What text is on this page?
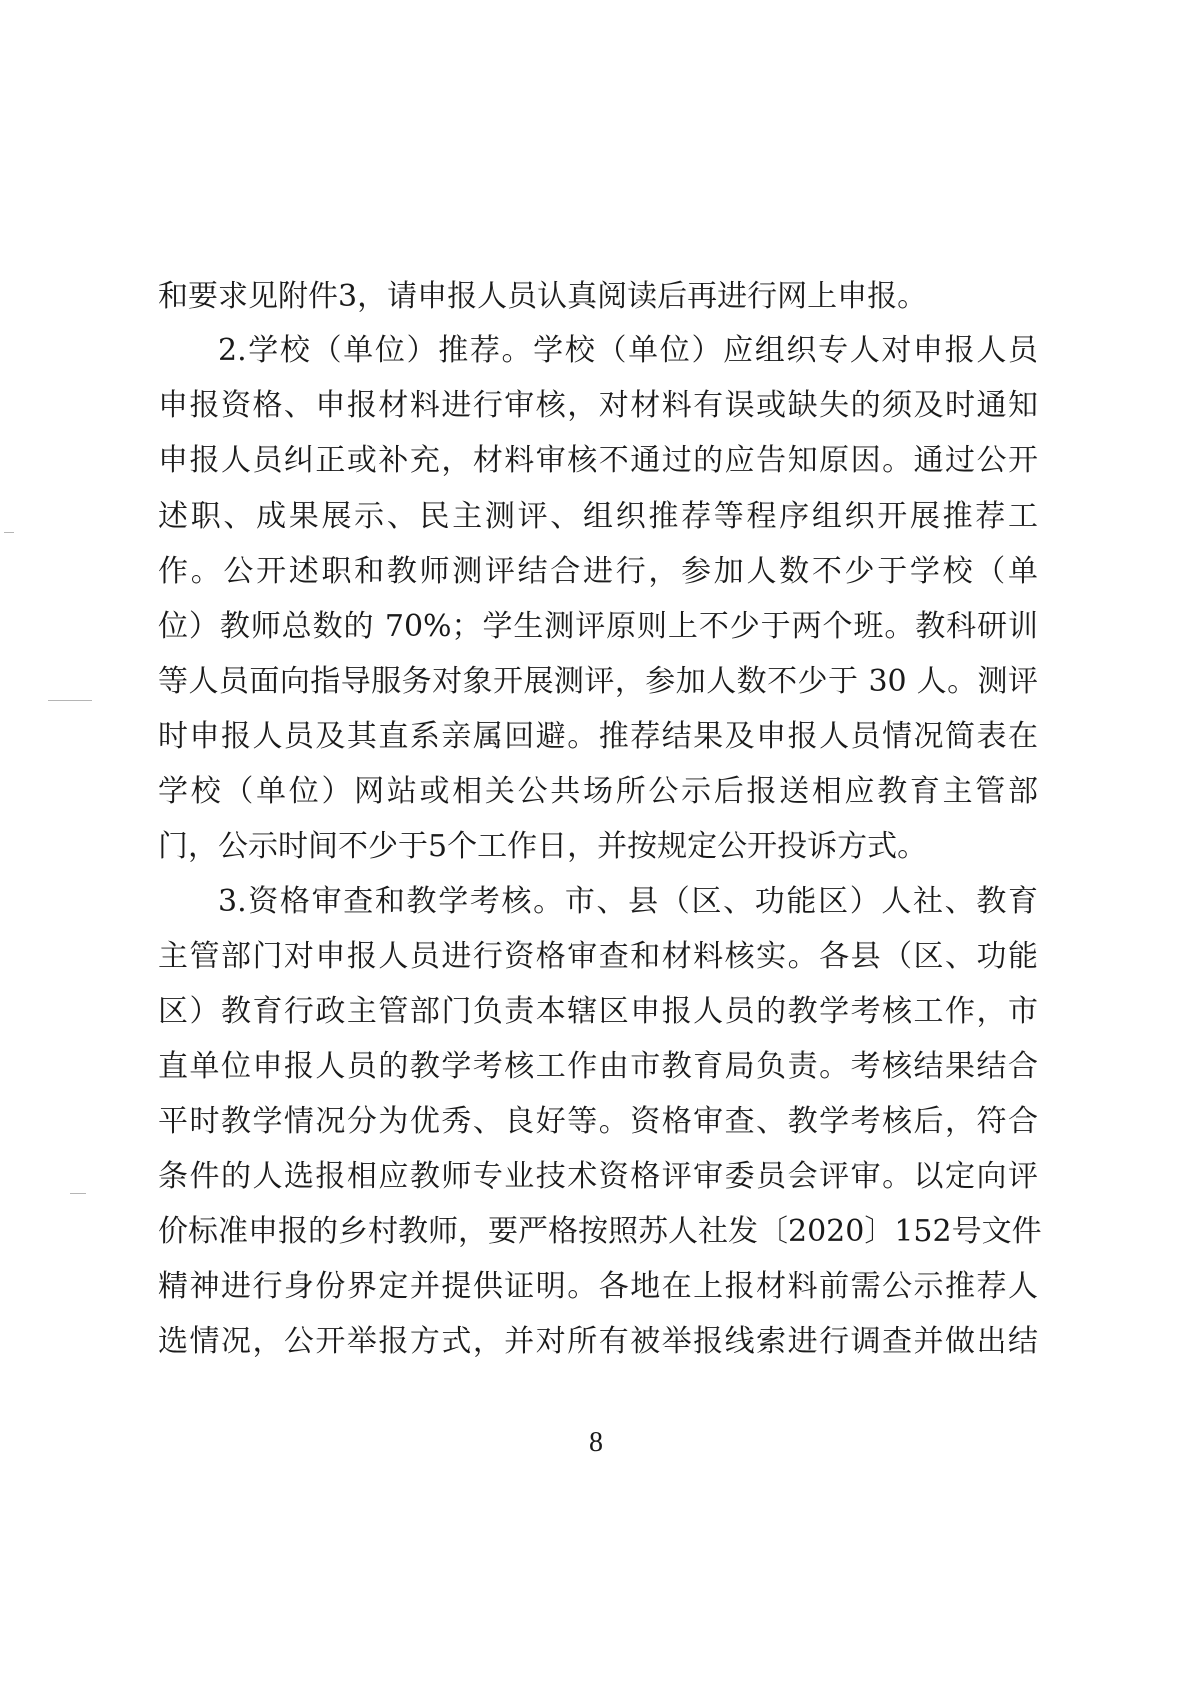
和要求见附件3，请申报人员认真阅读后再进行网上申报。
2.学校（单位）推荐。学校（单位）应组织专人对申报人员
申报资格、申报材料进行审核，对材料有误或缺失的须及时通知
申报人员纠正或补充，材料审核不通过的应告知原因。通过公开
述职、成果展示、民主测评、组织推荐等程序组织开展推荐工
作。公开述职和教师测评结合进行，参加人数不少于学校（单
位）教师总数的 70%；学生测评原则上不少于两个班。教科研训
等人员面向指导服务对象开展测评，参加人数不少于 30 人。测评
时申报人员及其直系亲属回避。推荐结果及申报人员情况简表在
学校（单位）网站或相关公共场所公示后报送相应教育主管部
门，公示时间不少于5个工作日，并按规定公开投诉方式。
3.资格审查和教学考核。市、县（区、功能区）人社、教育
主管部门对申报人员进行资格审查和材料核实。各县（区、功能
区）教育行政主管部门负责本辖区申报人员的教学考核工作，市
直单位申报人员的教学考核工作由市教育局负责。考核结果结合
平时教学情况分为优秀、良好等。资格审查、教学考核后，符合
条件的人选报相应教师专业技术资格评审委员会评审。以定向评
价标准申报的乡村教师，要严格按照苏人社发〔2020〕152号文件
精神进行身份界定并提供证明。各地在上报材料前需公示推荐人
选情况，公开举报方式，并对所有被举报线索进行调查并做出结
8
